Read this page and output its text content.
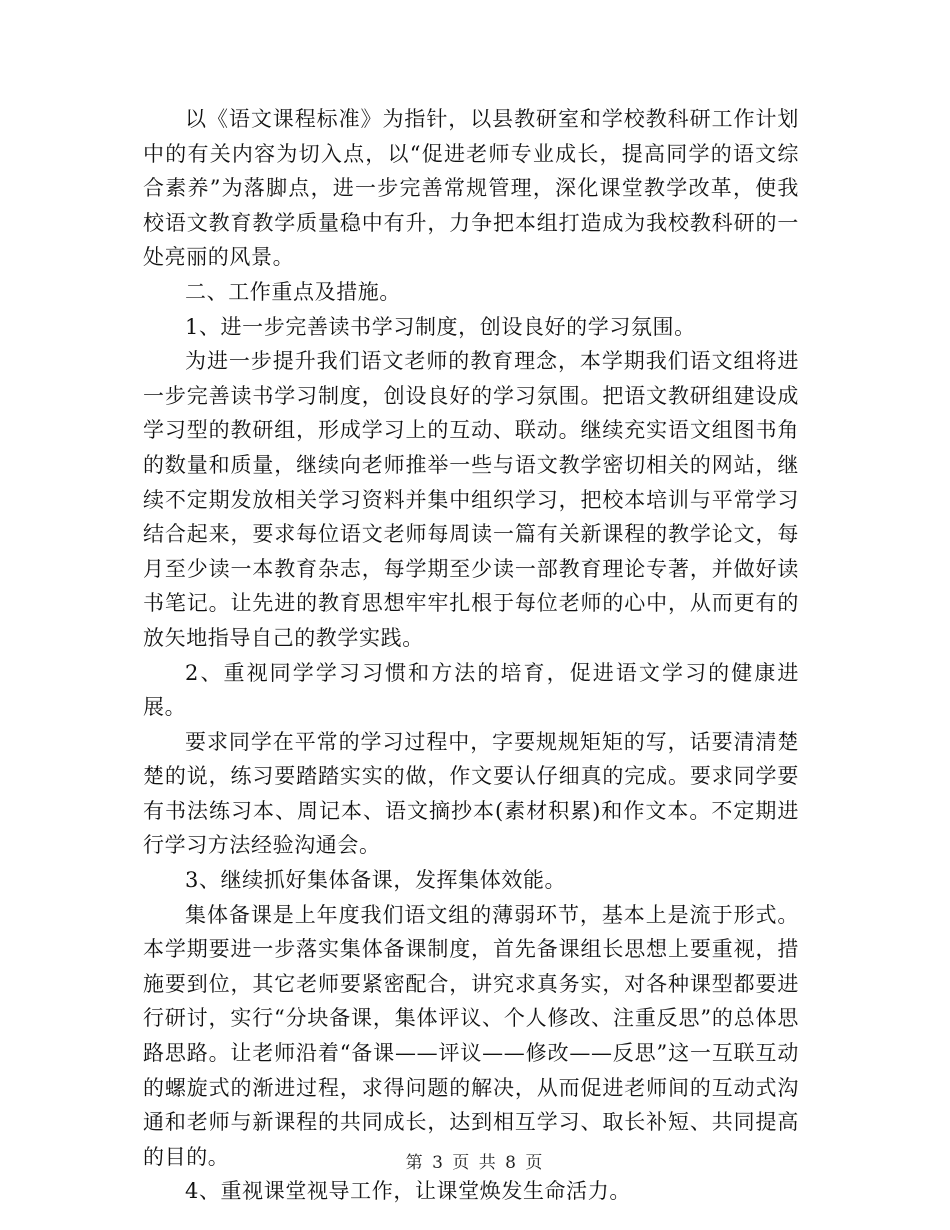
以《语文课程标准》为指针，以县教研室和学校教科研工作计划中的有关内容为切入点，以“促进老师专业成长，提高同学的语文综合素养”为落脚点，进一步完善常规管理，深化课堂教学改革，使我校语文教育教学质量稳中有升，力争把本组打造成为我校教科研的一处亮丽的风景。

二、工作重点及措施。

1、进一步完善读书学习制度，创设良好的学习氛围。

为进一步提升我们语文老师的教育理念，本学期我们语文组将进一步完善读书学习制度，创设良好的学习氛围。把语文教研组建设成学习型的教研组，形成学习上的互动、联动。继续充实语文组图书角的数量和质量，继续向老师推举一些与语文教学密切相关的网站，继续不定期发放相关学习资料并集中组织学习，把校本培训与平常学习结合起来，要求每位语文老师每周读一篇有关新课程的教学论文，每月至少读一本教育杂志，每学期至少读一部教育理论专著，并做好读书笔记。让先进的教育思想牢牢扎根于每位老师的心中，从而更有的放矢地指导自己的教学实践。

2、重视同学学习习惯和方法的培育，促进语文学习的健康进展。

要求同学在平常的学习过程中，字要规规矩矩的写，话要清清楚楚的说，练习要踏踏实实的做，作文要认仔细真的完成。要求同学要有书法练习本、周记本、语文摘抄本(素材积累)和作文本。不定期进行学习方法经验沟通会。

3、继续抓好集体备课，发挥集体效能。

集体备课是上年度我们语文组的薄弱环节，基本上是流于形式。本学期要进一步落实集体备课制度，首先备课组长思想上要重视，措施要到位，其它老师要紧密配合，讲究求真务实，对各种课型都要进行研讨，实行“分块备课，集体评议、个人修改、注重反思”的总体思路思路。让老师沿着“备课——评议——修改——反思”这一互联互动的螺旋式的渐进过程，求得问题的解决，从而促进老师间的互动式沟通和老师与新课程的共同成长，达到相互学习、取长补短、共同提高的目的。

4、重视课堂视导工作，让课堂焕发生命活力。

第 3 页 共 8 页
